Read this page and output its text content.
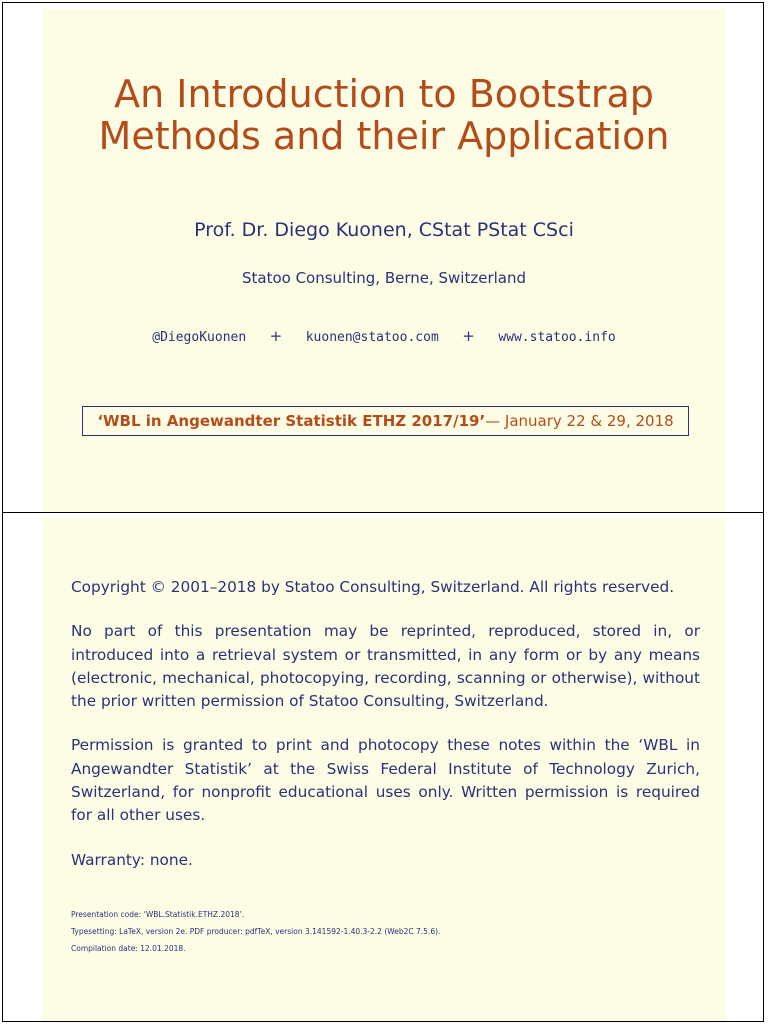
An Introduction to Bootstrap
Methods and their Application
Prof. Dr. Diego Kuonen, CStat PStat CSci
Statoo Consulting, Berne, Switzerland
@DiegoKuonen + kuonen@statoo.com + www.statoo.info
‘WBL in Angewandter Statistik ETHZ 2017/19’ — January 22 & 29, 2018

Copyright © 2001–2018 by Statoo Consulting, Switzerland. All rights reserved.

No part of this presentation may be reprinted, reproduced, stored in, or introduced into a retrieval system or transmitted, in any form or by any means (electronic, mechanical, photocopying, recording, scanning or otherwise), without the prior written permission of Statoo Consulting, Switzerland.

Permission is granted to print and photocopy these notes within the ‘WBL in Angewandter Statistik’ at the Swiss Federal Institute of Technology Zurich, Switzerland, for nonprofit educational uses only. Written permission is required for all other uses.

Warranty: none.

Presentation code: ‘WBL.Statistik.ETHZ.2018’.
Typesetting: LaTeX, version 2e. PDF producer: pdfTeX, version 3.141592-1.40.3-2.2 (Web2C 7.5.6).
Compilation date: 12.01.2018.
